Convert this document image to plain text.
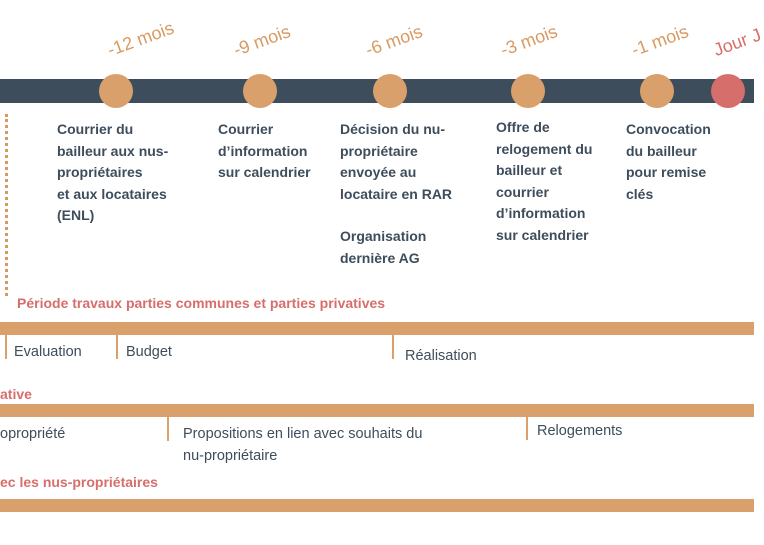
-12 mois	-9 mois	-6 mois	-3 mois	-1 mois Jour J
Courrier du
bailleur aux nus-
propriétaires
et aux locataires
(ENL)
Courrier
d’information
sur calendrier
Décision du nu-
propriétaire
envoyée au
locataire en RAR
Organisation
dernière AG
Offre de
relogement du
bailleur et
courrier
d’information
sur calendrier
Convocation
du bailleur
pour remise
clés
Période travaux parties communes et parties privatives
Evaluation	Budget	Réalisation
ative
opropriété	Propositions en lien avec souhaits du
nu-propriétaire
Relogements
ec les nus-propriétaires
